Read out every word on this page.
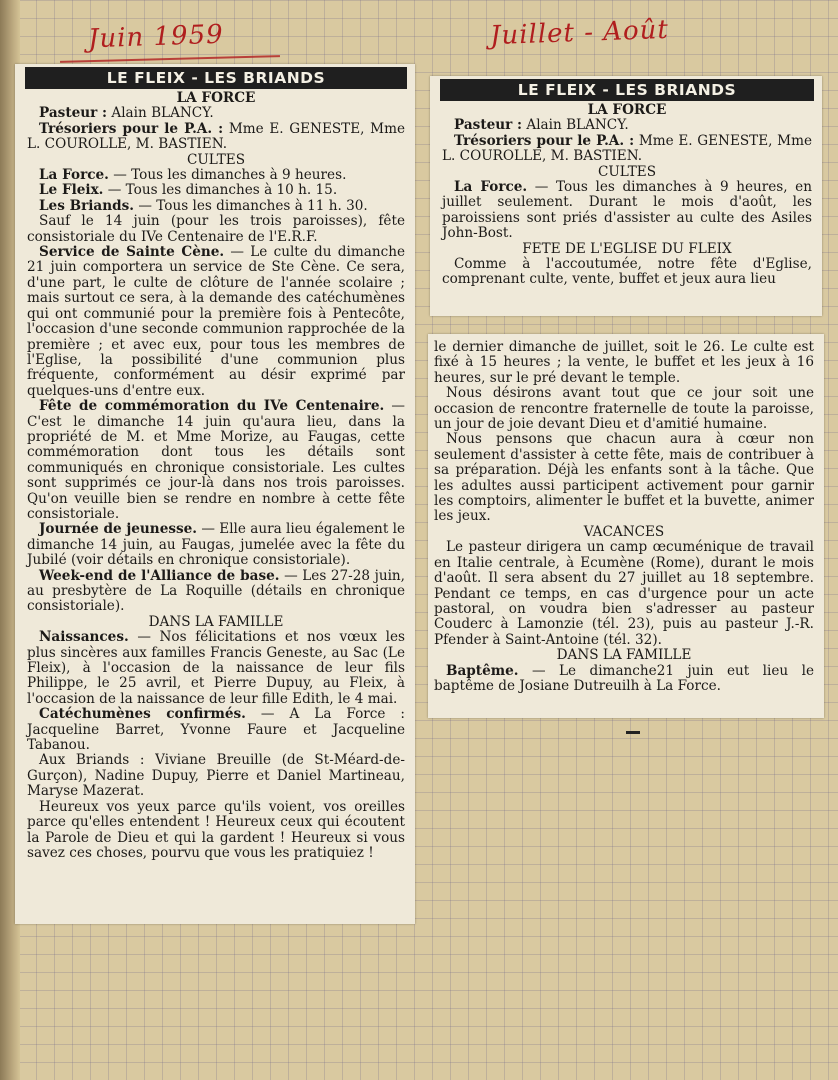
Juin 1959	Juillet - Août
LE FLEIX - LES BRIANDS

LA FORCE

Pasteur : Alain BLANCY.

Trésoriers pour le P.A. : Mme E. GENESTE, Mme L. COUROLLE, M. BASTIEN.

CULTES

La Force. — Tous les dimanches à 9 heures.

Le Fleix. — Tous les dimanches à 10 h. 15.

Les Briands. — Tous les dimanches à 11 h. 30.

Sauf le 14 juin (pour les trois paroisses), fête consistoriale du IVe Centenaire de l'E.R.F.

Service de Sainte Cène. — Le culte du dimanche 21 juin comportera un service de Ste Cène. Ce sera, d'une part, le culte de clôture de l'année scolaire ; mais surtout ce sera, à la demande des catéchumènes qui ont communié pour la première fois à Pentecôte, l'occasion d'une seconde communion rapprochée de la première ; et avec eux, pour tous les membres de l'Eglise, la possibilité d'une communion plus fréquente, conformément au désir exprimé par quelques-uns d'entre eux.

Fête de commémoration du IVe Centenaire. — C'est le dimanche 14 juin qu'aura lieu, dans la propriété de M. et Mme Morize, au Faugas, cette commémoration dont tous les détails sont communiqués en chronique consistoriale. Les cultes sont supprimés ce jour-là dans nos trois paroisses. Qu'on veuille bien se rendre en nombre à cette fête consistoriale.

Journée de jeunesse. — Elle aura lieu également le dimanche 14 juin, au Faugas, jumelée avec la fête du Jubilé (voir détails en chronique consistoriale).

Week-end de l'Alliance de base. — Les 27-28 juin, au presbytère de La Roquille (détails en chronique consistoriale).

DANS LA FAMILLE

Naissances. — Nos félicitations et nos vœux les plus sincères aux familles Francis Geneste, au Sac (Le Fleix), à l'occasion de la naissance de leur fils Philippe, le 25 avril, et Pierre Dupuy, au Fleix, à l'occasion de la naissance de leur fille Edith, le 4 mai.

Catéchumènes confirmés. — A La Force : Jacqueline Barret, Yvonne Faure et Jacqueline Tabanou.

Aux Briands : Viviane Breuille (de St-Méard-de-Gurçon), Nadine Dupuy, Pierre et Daniel Martineau, Maryse Mazerat.

Heureux vos yeux parce qu'ils voient, vos oreilles parce qu'elles entendent ! Heureux ceux qui écoutent la Parole de Dieu et qui la gardent ! Heureux si vous savez ces choses, pourvu que vous les pratiquiez !

LE FLEIX - LES BRIANDS

LA FORCE

Pasteur : Alain BLANCY.

Trésoriers pour le P.A. : Mme E. GENESTE, Mme L. COUROLLE, M. BASTIEN.

CULTES

La Force. — Tous les dimanches à 9 heures, en juillet seulement. Durant le mois d'août, les paroissiens sont priés d'assister au culte des Asiles John-Bost.

FETE DE L'EGLISE DU FLEIX

Comme à l'accoutumée, notre fête d'Eglise, comprenant culte, vente, buffet et jeux aura lieu

le dernier dimanche de juillet, soit le 26. Le culte est fixé à 15 heures ; la vente, le buffet et les jeux à 16 heures, sur le pré devant le temple.

Nous désirons avant tout que ce jour soit une occasion de rencontre fraternelle de toute la paroisse, un jour de joie devant Dieu et d'amitié humaine.

Nous pensons que chacun aura à cœur non seulement d'assister à cette fête, mais de contribuer à sa préparation. Déjà les enfants sont à la tâche. Que les adultes aussi participent activement pour garnir les comptoirs, alimenter le buffet et la buvette, animer les jeux.

VACANCES

Le pasteur dirigera un camp œcuménique de travail en Italie centrale, à Ecumène (Rome), durant le mois d'août. Il sera absent du 27 juillet au 18 septembre. Pendant ce temps, en cas d'urgence pour un acte pastoral, on voudra bien s'adresser au pasteur Couderc à Lamonzie (tél. 23), puis au pasteur J.-R. Pfender à Saint-Antoine (tél. 32).

DANS LA FAMILLE

Baptême. — Le dimanche21 juin eut lieu le baptême de Josiane Dutreuilh à La Force.
